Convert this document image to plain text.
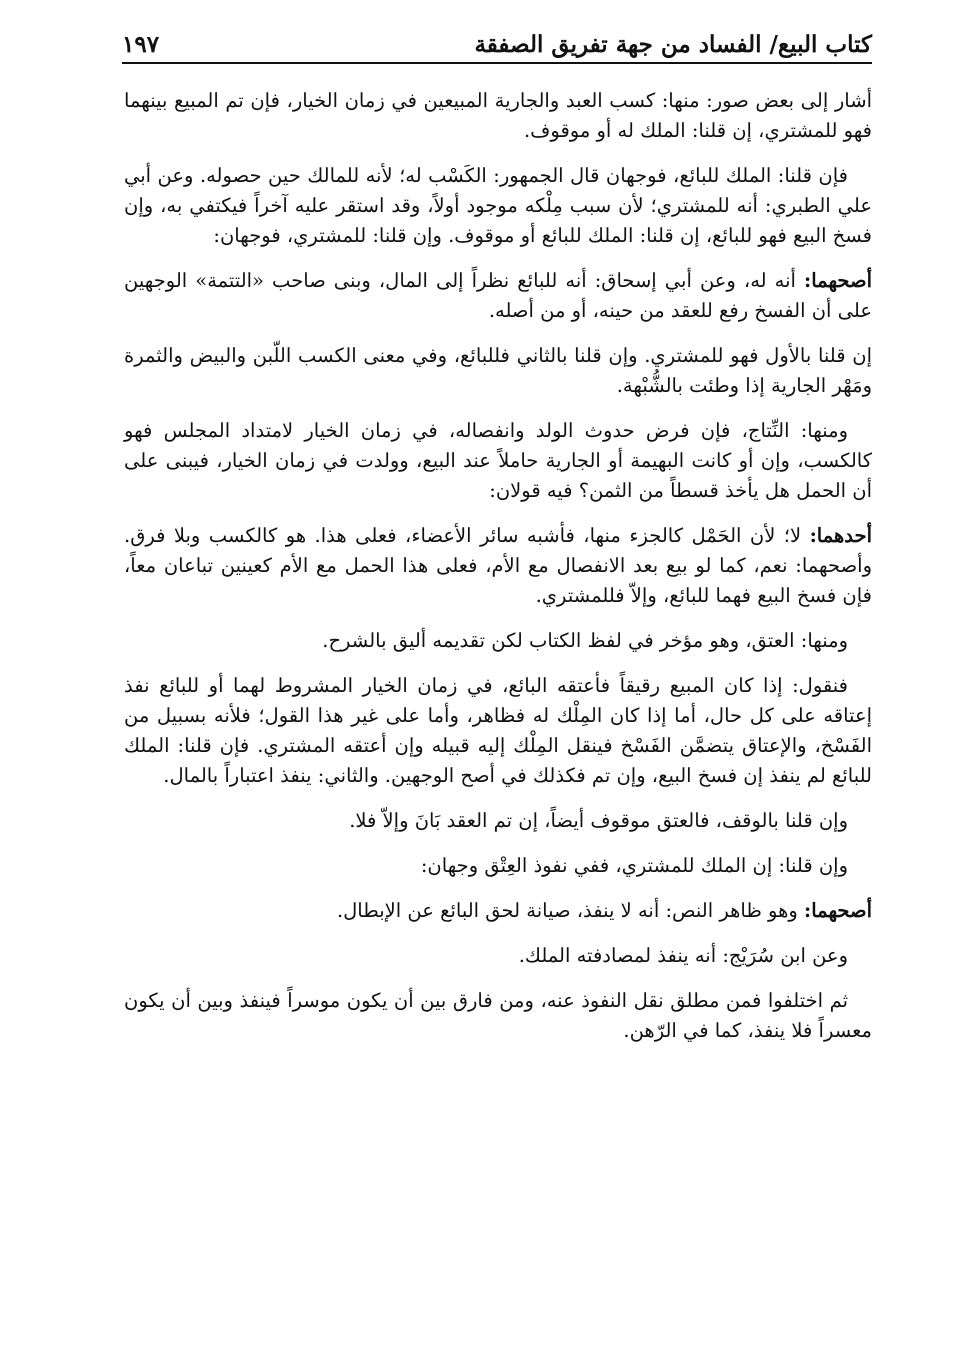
كتاب البيع/ الفساد من جهة تفريق الصفقة
١٩٧

أشار إلى بعض صور: منها: كسب العبد والجارية المبيعين في زمان الخيار، فإن تم المبيع بينهما فهو للمشتري، إن قلنا: الملك له أو موقوف.

فإن قلنا: الملك للبائع، فوجهان قال الجمهور: الكَسْب له؛ لأنه للمالك حين حصوله. وعن أبي علي الطبري: أنه للمشتري؛ لأن سبب مِلْكه موجود أولاً، وقد استقر عليه آخراً فيكتفي به، وإن فسخ البيع فهو للبائع، إن قلنا: الملك للبائع أو موقوف. وإن قلنا: للمشتري، فوجهان:

أصحهما: أنه له، وعن أبي إسحاق: أنه للبائع نظراً إلى المال، وبنى صاحب «التتمة» الوجهين على أن الفسخ رفع للعقد من حينه، أو من أصله.

إن قلنا بالأول فهو للمشتري. وإن قلنا بالثاني فللبائع، وفي معنى الكسب اللّبن والبيض والثمرة ومَهْر الجارية إذا وطئت بالشُّبْهة.

ومنها: النِّتاج، فإن فرض حدوث الولد وانفصاله، في زمان الخيار لامتداد المجلس فهو كالكسب، وإن أو كانت البهيمة أو الجارية حاملاً عند البيع، وولدت في زمان الخيار، فيبنى على أن الحمل هل يأخذ قسطاً من الثمن؟ فيه قولان:

أحدهما: لا؛ لأن الحَمْل كالجزء منها، فأشبه سائر الأعضاء، فعلى هذا. هو كالكسب وبلا فرق. وأصحهما: نعم، كما لو بيع بعد الانفصال مع الأم، فعلى هذا الحمل مع الأم كعينين تباعان معاً، فإن فسخ البيع فهما للبائع، وإلاّ فللمشتري.

ومنها: العتق، وهو مؤخر في لفظ الكتاب لكن تقديمه أليق بالشرح.

فنقول: إذا كان المبيع رقيقاً فأعتقه البائع، في زمان الخيار المشروط لهما أو للبائع نفذ إعتاقه على كل حال، أما إذا كان المِلْك له فظاهر، وأما على غير هذا القول؛ فلأنه بسبيل من الفَسْخ، والإعتاق يتضمَّن الفَسْخ فينقل المِلْك إليه قبيله وإن أعتقه المشتري. فإن قلنا: الملك للبائع لم ينفذ إن فسخ البيع، وإن تم فكذلك في أصح الوجهين. والثاني: ينفذ اعتباراً بالمال.

وإن قلنا بالوقف، فالعتق موقوف أيضاً، إن تم العقد بَانَ وإلاّ فلا.

وإن قلنا: إن الملك للمشتري، ففي نفوذ العِتْق وجهان:

أصحهما: وهو ظاهر النص: أنه لا ينفذ، صيانة لحق البائع عن الإبطال.

وعن ابن سُرَيْج: أنه ينفذ لمصادفته الملك.

ثم اختلفوا فمن مطلق نقل النفوذ عنه، ومن فارق بين أن يكون موسراً فينفذ وبين أن يكون معسراً فلا ينفذ، كما في الرّهن.
